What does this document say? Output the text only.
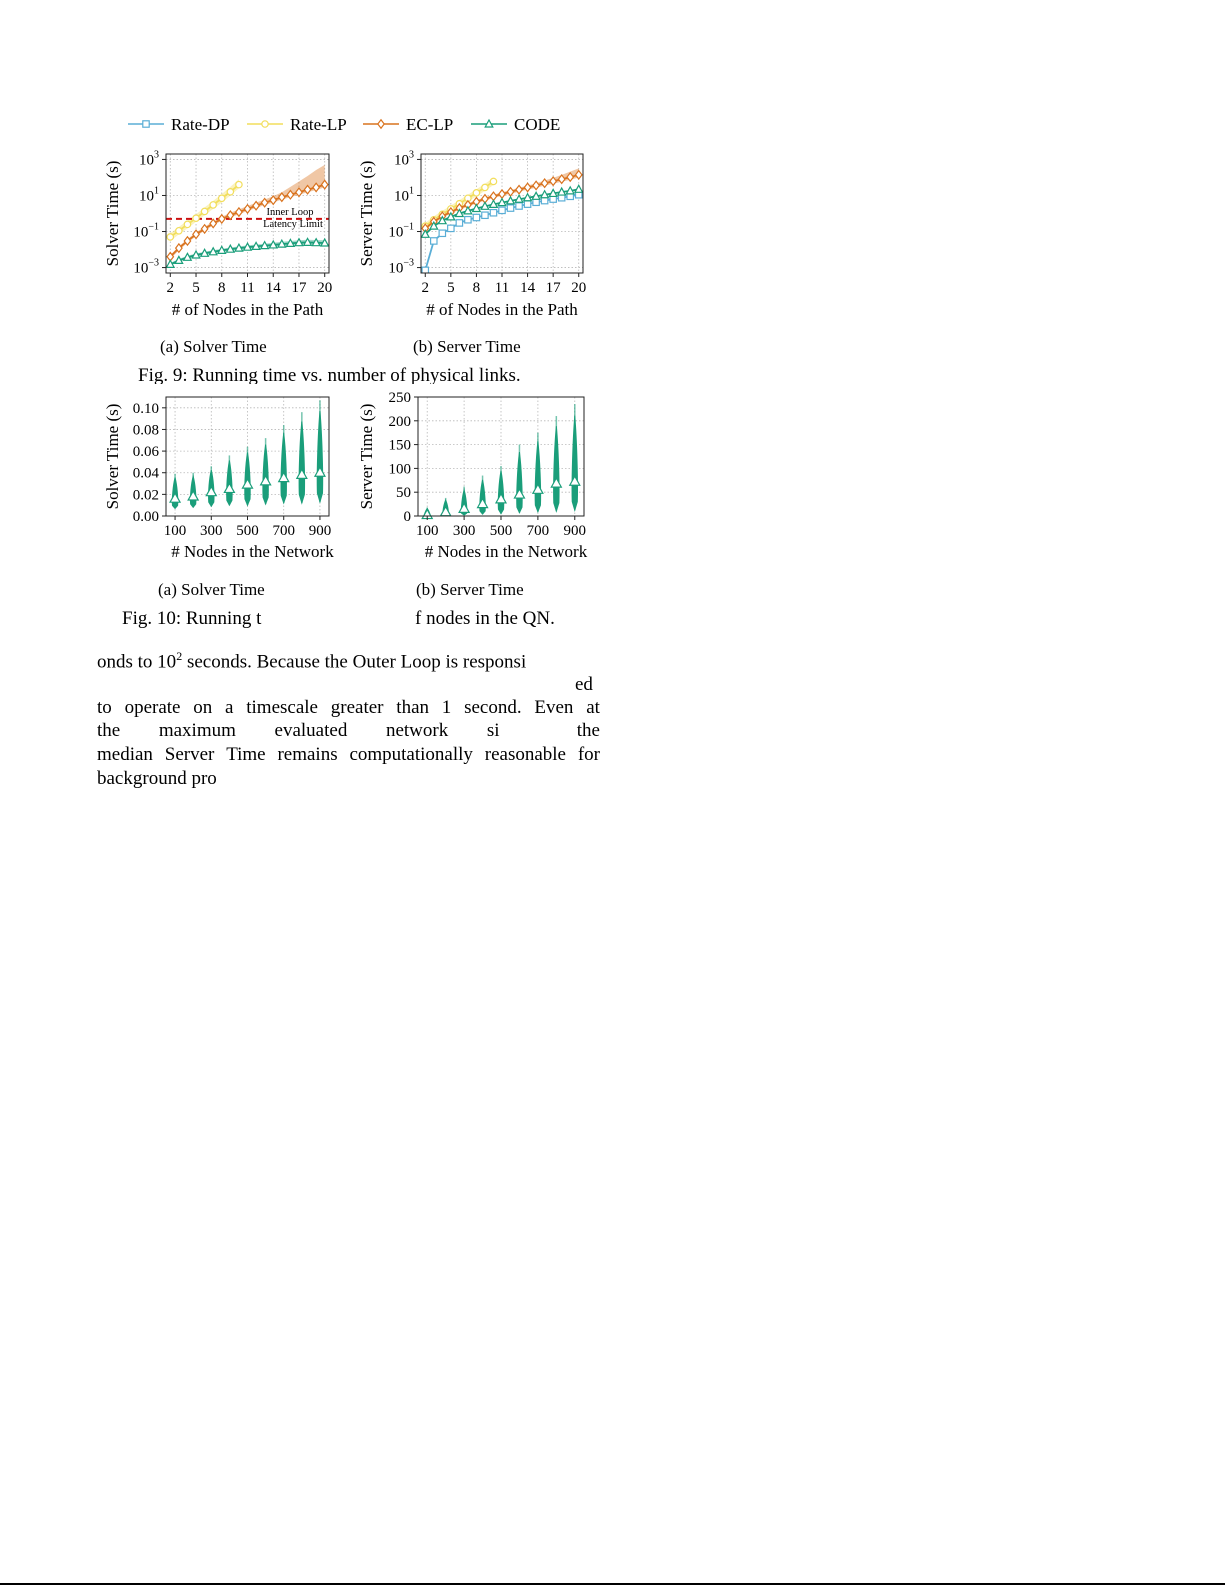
Rate-DP	Rate-LP	EC-LP	CODE
Inner Loop
Latency Limit
2 5 8 11 14 17 20
$10^{-3}$
$10^{-1}$
$10^1$
$10^3$
# of Nodes in the Path
Solver Time (s)
2 5 8 11 14 17 20
$10^{-3}$
$10^{-1}$
$10^1$
$10^3$
# of Nodes in the Path
Server Time (s)
(a) Solver Time	(b) Server Time
100 300 500 700 900
0.00
0.02
0.04
0.06
0.08
0.10
# Nodes in the Network
Solver Time (s)
100 300 500 700 900
0
50
100
150
200
250
# Nodes in the Network
Server Time (s)
Fig. 9: Running time vs. number of physical links.
(a) Solver Time	(b) Server Time
Fig. 10: Running t	f nodes in the QN.
onds to $10^2$ seconds. Because the Outer Loop is responsi
ed
to operate on a timescale greater than 1 second. Even at
the maximum evaluated network si	the
median Server Time remains computationally reasonable for
background pro
